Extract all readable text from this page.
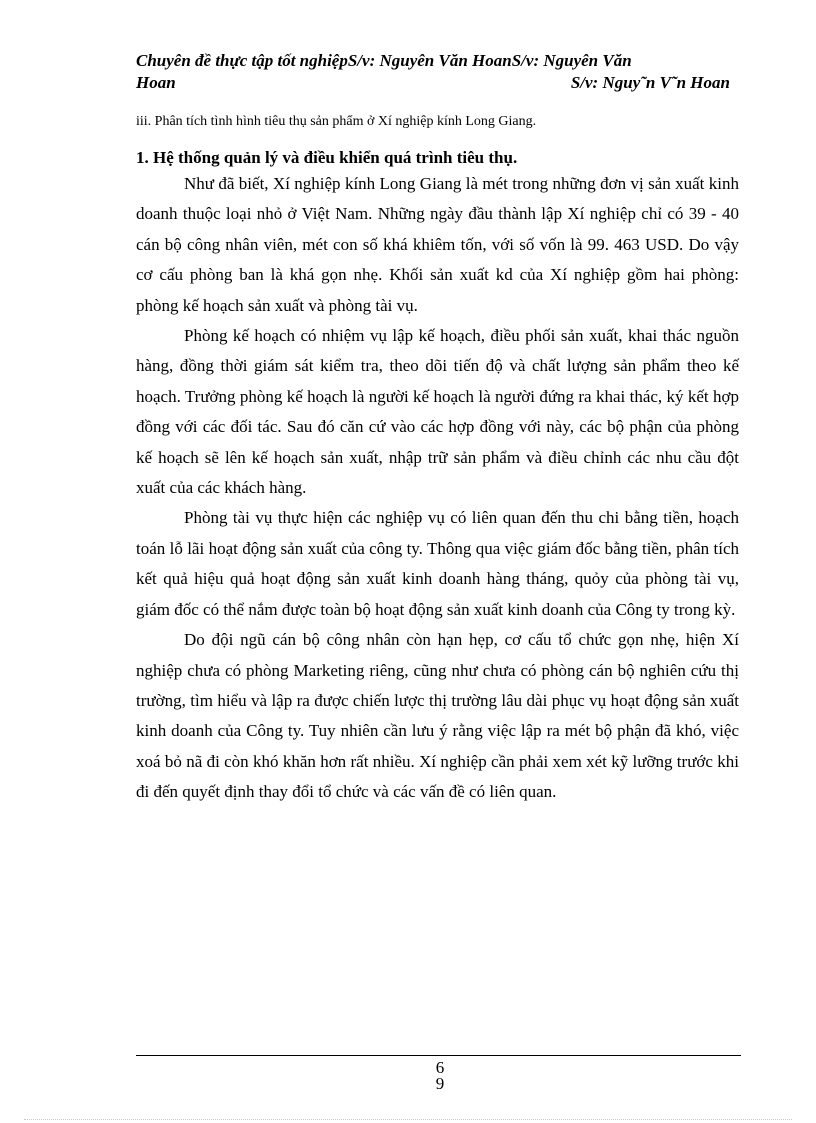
Chuyên đề thực tập tốt nghiệpS/v: Nguyên Văn HoanS/v: Nguyên Văn
Hoan	S/v: Nguy˜n V˜n Hoan
iii. Phân tích tình hình tiêu thụ sản phẩm ở Xí nghiệp kính Long Giang.
1. Hệ thống quản lý và điều khiển quá trình tiêu thụ.

Như đã biết, Xí nghiệp kính Long Giang là mét trong những đơn vị sản xuất kinh doanh thuộc loại nhỏ ở Việt Nam. Những ngày đầu thành lập Xí nghiệp chỉ có 39 - 40 cán bộ công nhân viên, mét con số khá khiêm tốn, với số vốn là 99. 463 USD. Do vậy cơ cấu phòng ban là khá gọn nhẹ. Khối sản xuất kd của Xí nghiệp gồm hai phòng: phòng kế hoạch sản xuất và phòng tài vụ.

Phòng kế hoạch có nhiệm vụ lập kế hoạch, điều phối sản xuất, khai thác nguồn hàng, đồng thời giám sát kiểm tra, theo dõi tiến độ và chất lượng sản phẩm theo kế hoạch. Trưởng phòng kế hoạch là người kế hoạch là người đứng ra khai thác, ký kết hợp đồng với các đối tác. Sau đó căn cứ vào các hợp đồng với này, các bộ phận của phòng kế hoạch sẽ lên kế hoạch sản xuất, nhập trữ sản phẩm và điều chỉnh các nhu cầu đột xuất của các khách hàng.

Phòng tài vụ thực hiện các nghiệp vụ có liên quan đến thu chi bằng tiền, hoạch toán lỗ lãi hoạt động sản xuất của công ty. Thông qua việc giám đốc bằng tiền, phân tích kết quả hiệu quả hoạt động sản xuất kinh doanh hàng tháng, quỏy của phòng tài vụ, giám đốc có thể nắm được toàn bộ hoạt động sản xuất kinh doanh của Công ty trong kỳ.

Do đội ngũ cán bộ công nhân còn hạn hẹp, cơ cấu tổ chức gọn nhẹ, hiện Xí nghiệp chưa có phòng Marketing riêng, cũng như chưa có phòng cán bộ nghiên cứu thị trường, tìm hiểu và lập ra được chiến lược thị trường lâu dài phục vụ hoạt động sản xuất kinh doanh của Công ty. Tuy nhiên cần lưu ý rằng việc lập ra mét bộ phận đã khó, việc xoá bỏ nã đi còn khó khăn hơn rất nhiều. Xí nghiệp cần phải xem xét kỹ lưỡng trước khi đi đến quyết định thay đổi tổ chức và các vấn đề có liên quan.

6
9
